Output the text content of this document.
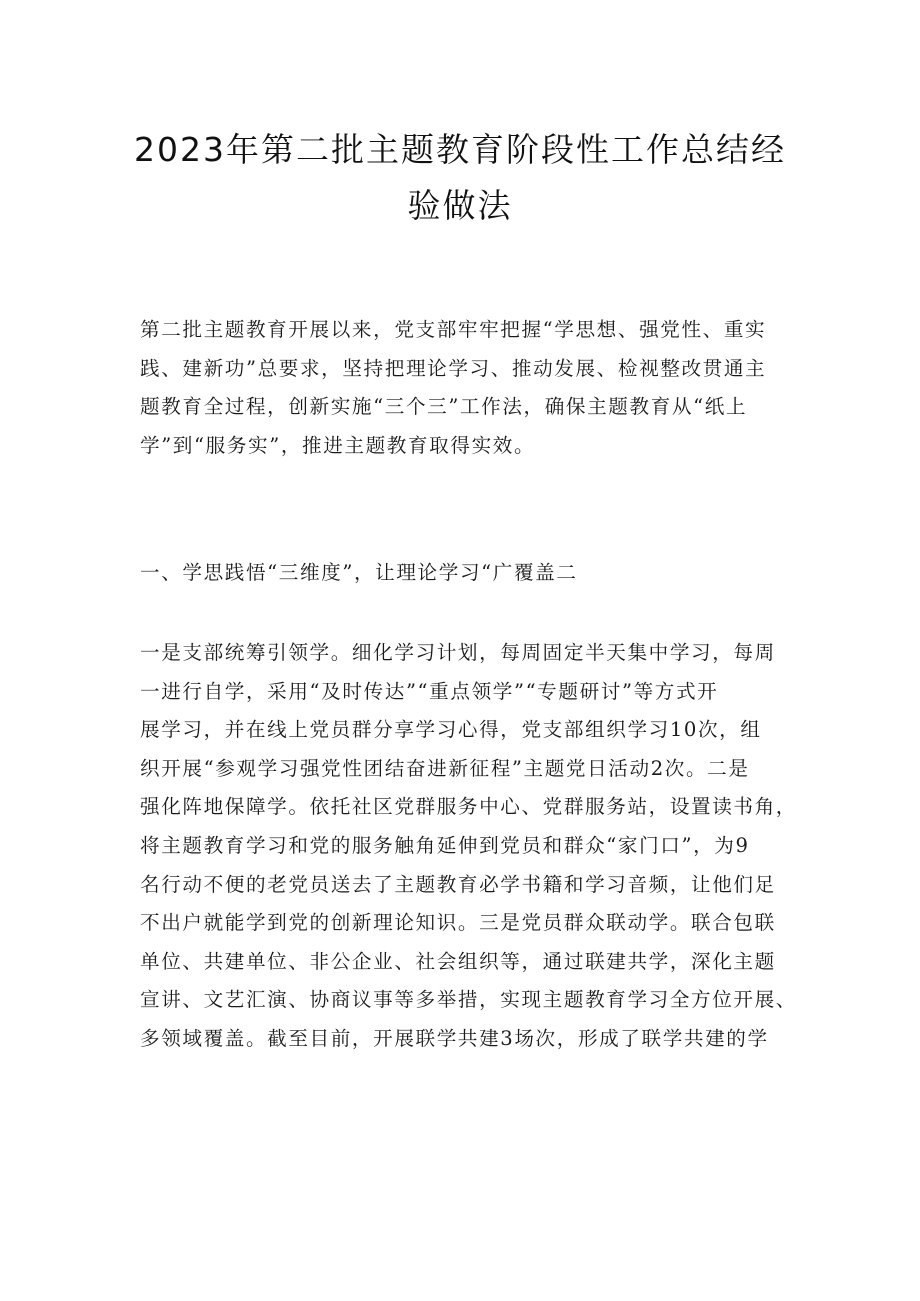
2023年第二批主题教育阶段性工作总结经
验做法

第二批主题教育开展以来，党支部牢牢把握“学思想、强党性、重实
践、建新功”总要求，坚持把理论学习、推动发展、检视整改贯通主
题教育全过程，创新实施“三个三”工作法，确保主题教育从“纸上
学”到“服务实”，推进主题教育取得实效。

一、学思践悟“三维度”，让理论学习“广覆盖二

一是支部统筹引领学。细化学习计划，每周固定半天集中学习，每周
一进行自学，采用“及时传达”“重点领学”“专题研讨”等方式开
展学习，并在线上党员群分享学习心得，党支部组织学习10次，组
织开展“参观学习强党性团结奋进新征程”主题党日活动2次。二是
强化阵地保障学。依托社区党群服务中心、党群服务站，设置读书角，
将主题教育学习和党的服务触角延伸到党员和群众“家门口”，为9
名行动不便的老党员送去了主题教育必学书籍和学习音频，让他们足
不出户就能学到党的创新理论知识。三是党员群众联动学。联合包联
单位、共建单位、非公企业、社会组织等，通过联建共学，深化主题
宣讲、文艺汇演、协商议事等多举措，实现主题教育学习全方位开展、
多领域覆盖。截至目前，开展联学共建3场次，形成了联学共建的学
